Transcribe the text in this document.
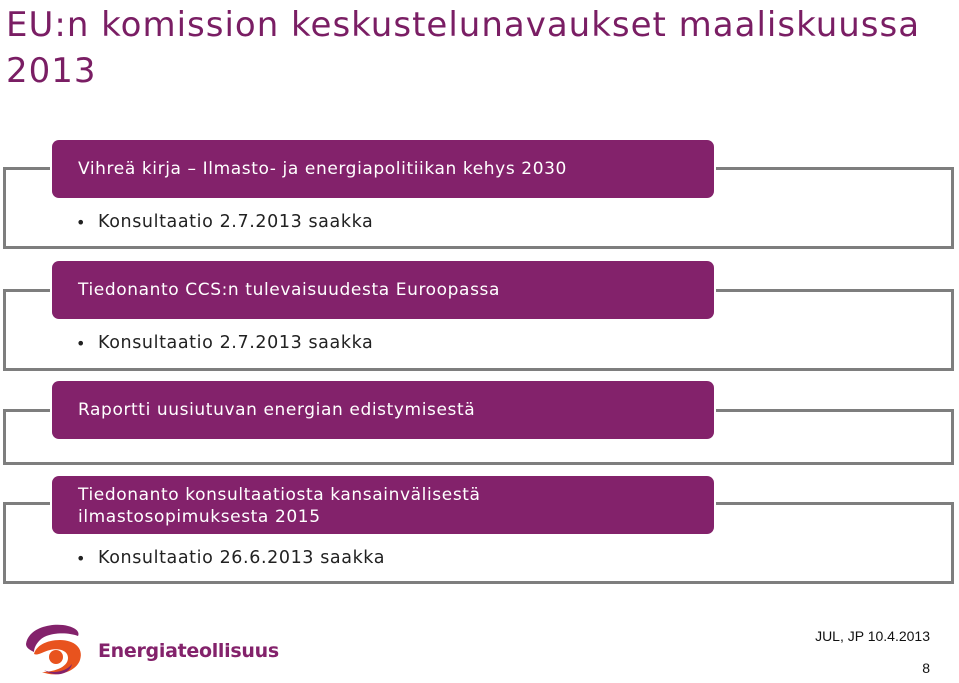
EU:n komission keskustelunavaukset maaliskuussa 2013
Vihreä kirja – Ilmasto- ja energiapolitiikan kehys 2030
• Konsultaatio 2.7.2013 saakka
Tiedonanto CCS:n tulevaisuudesta Euroopassa
• Konsultaatio 2.7.2013 saakka
Raportti uusiutuvan energian edistymisestä
Tiedonanto konsultaatiosta kansainvälisestä
ilmastosopimuksesta 2015
• Konsultaatio 26.6.2013 saakka
Energiateollisuus
JUL, JP 10.4.2013
8
